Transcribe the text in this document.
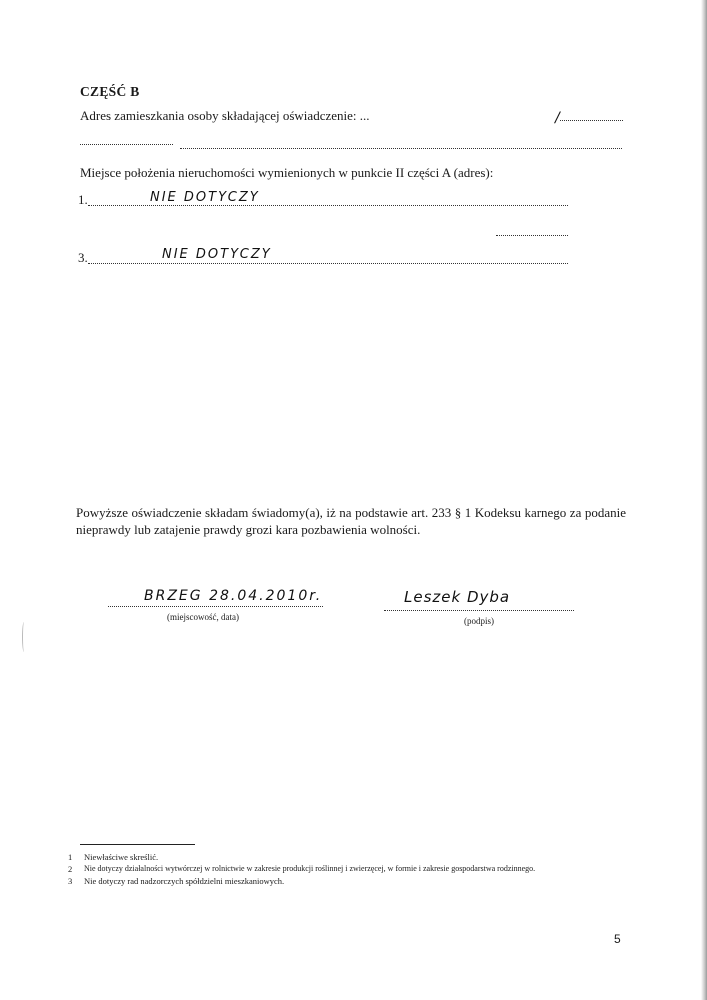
CZĘŚĆ B
Adres zamieszkania osoby składającej oświadczenie: ...	/
Miejsce położenia nieruchomości wymienionych w punkcie II części A (adres):
1.	NIE DOTYCZY
3.	NIE DOTYCZY
Powyższe oświadczenie składam świadomy(a), iż na podstawie art. 233 § 1 Kodeksu karnego za podanie nieprawdy lub zatajenie prawdy grozi kara pozbawienia wolności.
BRZEG 28.04.2010r.
(miejscowość, data)
Leszek Dyba
(podpis)
1 Niewłaściwe skreślić.
2 Nie dotyczy działalności wytwórczej w rolnictwie w zakresie produkcji roślinnej i zwierzęcej, w formie i zakresie gospodarstwa rodzinnego.
3 Nie dotyczy rad nadzorczych spółdzielni mieszkaniowych.
5
